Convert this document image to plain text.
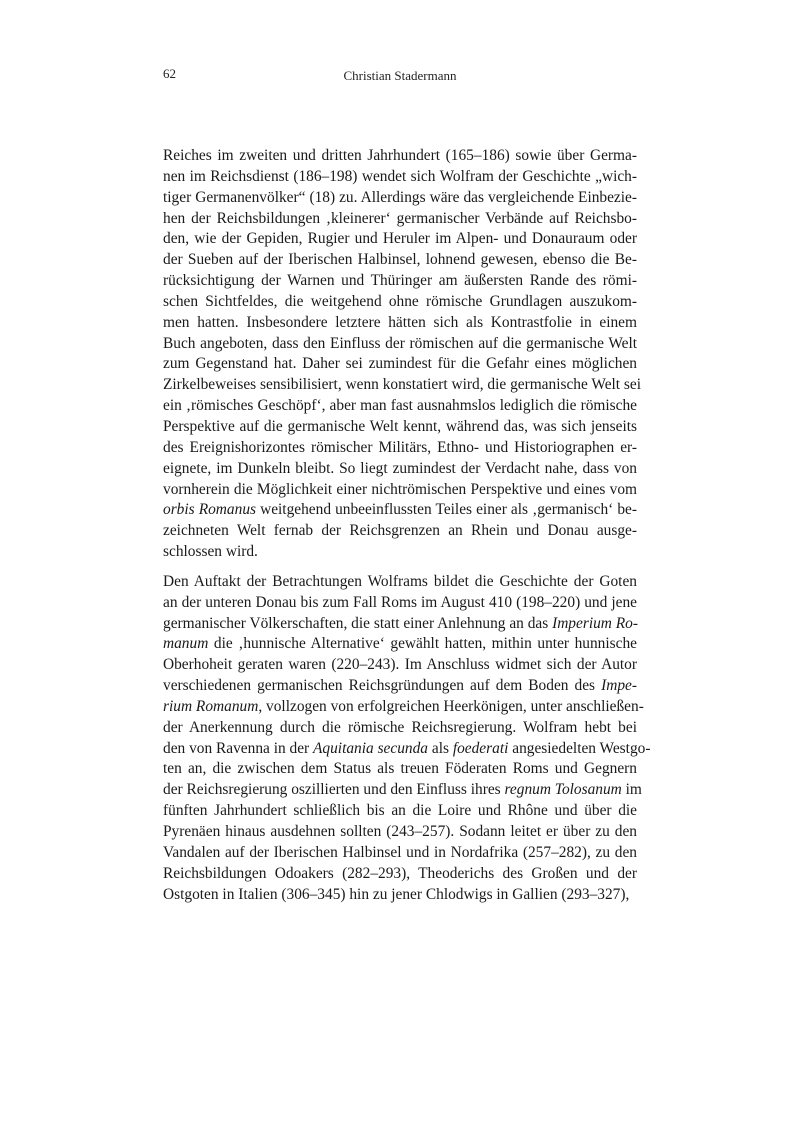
62	Christian Stadermann

Reiches im zweiten und dritten Jahrhundert (165–186) sowie über Germa-
nen im Reichsdienst (186–198) wendet sich Wolfram der Geschichte „wich-
tiger Germanenvölker“ (18) zu. Allerdings wäre das vergleichende Einbezie-
hen der Reichsbildungen ‚kleinerer‘ germanischer Verbände auf Reichsbo-
den, wie der Gepiden, Rugier und Heruler im Alpen- und Donauraum oder
der Sueben auf der Iberischen Halbinsel, lohnend gewesen, ebenso die Be-
rücksichtigung der Warnen und Thüringer am äußersten Rande des römi-
schen Sichtfeldes, die weitgehend ohne römische Grundlagen auszukom-
men hatten. Insbesondere letztere hätten sich als Kontrastfolie in einem
Buch angeboten, dass den Einfluss der römischen auf die germanische Welt
zum Gegenstand hat. Daher sei zumindest für die Gefahr eines möglichen
Zirkelbeweises sensibilisiert, wenn konstatiert wird, die germanische Welt sei
ein ‚römisches Geschöpf‘, aber man fast ausnahmslos lediglich die römische
Perspektive auf die germanische Welt kennt, während das, was sich jenseits
des Ereignishorizontes römischer Militärs, Ethno- und Historiographen er-
eignete, im Dunkeln bleibt. So liegt zumindest der Verdacht nahe, dass von
vornherein die Möglichkeit einer nichtrömischen Perspektive und eines vom
orbis Romanus weitgehend unbeeinflussten Teiles einer als ‚germanisch‘ be-
zeichneten Welt fernab der Reichsgrenzen an Rhein und Donau ausge-
schlossen wird.

Den Auftakt der Betrachtungen Wolframs bildet die Geschichte der Goten
an der unteren Donau bis zum Fall Roms im August 410 (198–220) und jene
germanischer Völkerschaften, die statt einer Anlehnung an das Imperium Ro-
manum die ‚hunnische Alternative‘ gewählt hatten, mithin unter hunnische
Oberhoheit geraten waren (220–243). Im Anschluss widmet sich der Autor
verschiedenen germanischen Reichsgründungen auf dem Boden des Impe-
rium Romanum, vollzogen von erfolgreichen Heerkönigen, unter anschließen-
der Anerkennung durch die römische Reichsregierung. Wolfram hebt bei
den von Ravenna in der Aquitania secunda als foederati angesiedelten Westgo-
ten an, die zwischen dem Status als treuen Föderaten Roms und Gegnern
der Reichsregierung oszillierten und den Einfluss ihres regnum Tolosanum im
fünften Jahrhundert schließlich bis an die Loire und Rhône und über die
Pyrenäen hinaus ausdehnen sollten (243–257). Sodann leitet er über zu den
Vandalen auf der Iberischen Halbinsel und in Nordafrika (257–282), zu den
Reichsbildungen Odoakers (282–293), Theoderichs des Großen und der
Ostgoten in Italien (306–345) hin zu jener Chlodwigs in Gallien (293–327),
